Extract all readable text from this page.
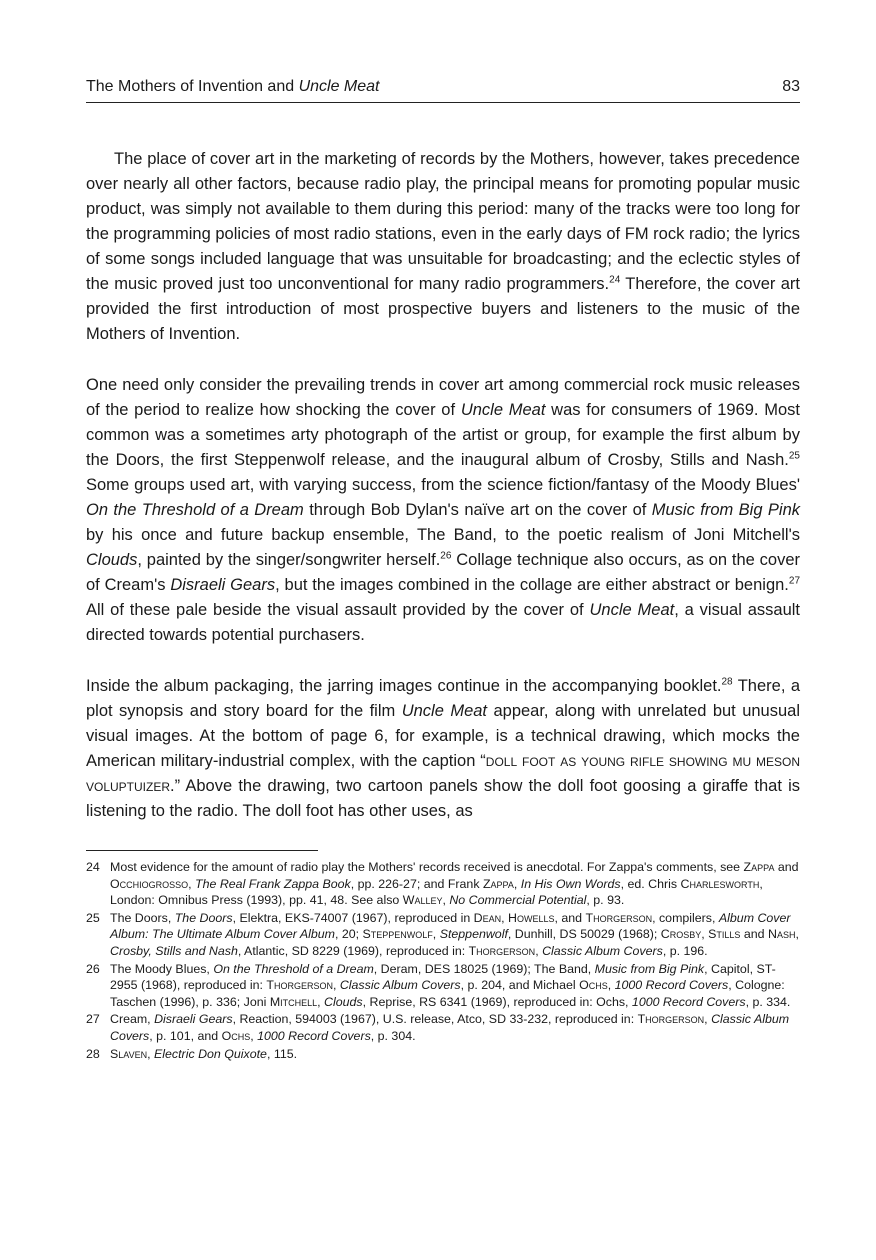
The Mothers of Invention and Uncle Meat	83

The place of cover art in the marketing of records by the Mothers, however, takes precedence over nearly all other factors, because radio play, the principal means for promoting popular music product, was simply not available to them during this period: many of the tracks were too long for the programming policies of most radio stations, even in the early days of FM rock radio; the lyrics of some songs included language that was unsuitable for broadcasting; and the eclectic styles of the music proved just too unconventional for many radio programmers.$^{24}$ Therefore, the cover art provided the first introduction of most prospective buyers and listeners to the music of the Mothers of Invention.

One need only consider the prevailing trends in cover art among commercial rock music releases of the period to realize how shocking the cover of Uncle Meat was for consumers of 1969. Most common was a sometimes arty photograph of the artist or group, for example the first album by the Doors, the first Steppenwolf release, and the inaugural album of Crosby, Stills and Nash.$^{25}$ Some groups used art, with varying success, from the science fiction/fantasy of the Moody Blues' On the Threshold of a Dream through Bob Dylan's naïve art on the cover of Music from Big Pink by his once and future backup ensemble, The Band, to the poetic realism of Joni Mitchell's Clouds, painted by the singer/songwriter herself.$^{26}$ Collage technique also occurs, as on the cover of Cream's Disraeli Gears, but the images combined in the collage are either abstract or benign.$^{27}$ All of these pale beside the visual assault provided by the cover of Uncle Meat, a visual assault directed towards potential purchasers.

Inside the album packaging, the jarring images continue in the accompanying booklet.$^{28}$ There, a plot synopsis and story board for the film Uncle Meat appear, along with unrelated but unusual visual images. At the bottom of page 6, for example, is a technical drawing, which mocks the American military-industrial complex, with the caption “doll foot as young rifle showing mu meson voluptuizer.” Above the drawing, two cartoon panels show the doll foot goosing a giraffe that is listening to the radio. The doll foot has other uses, as

24 Most evidence for the amount of radio play the Mothers' records received is anecdotal. For Zappa's comments, see Zappa and Occhiogrosso, The Real Frank Zappa Book, pp. 226-27; and Frank Zappa, In His Own Words, ed. Chris Charlesworth, London: Omnibus Press (1993), pp. 41, 48. See also Walley, No Commercial Potential, p. 93.
25 The Doors, The Doors, Elektra, EKS-74007 (1967), reproduced in Dean, Howells, and Thorgerson, compilers, Album Cover Album: The Ultimate Album Cover Album, 20; Steppenwolf, Steppenwolf, Dunhill, DS 50029 (1968); Crosby, Stills and Nash, Crosby, Stills and Nash, Atlantic, SD 8229 (1969), reproduced in: Thorgerson, Classic Album Covers, p. 196.
26 The Moody Blues, On the Threshold of a Dream, Deram, DES 18025 (1969); The Band, Music from Big Pink, Capitol, ST-2955 (1968), reproduced in: Thorgerson, Classic Album Covers, p. 204, and Michael Ochs, 1000 Record Covers, Cologne: Taschen (1996), p. 336; Joni Mitchell, Clouds, Reprise, RS 6341 (1969), reproduced in: Ochs, 1000 Record Covers, p. 334.
27 Cream, Disraeli Gears, Reaction, 594003 (1967), U.S. release, Atco, SD 33-232, reproduced in: Thorgerson, Classic Album Covers, p. 101, and Ochs, 1000 Record Covers, p. 304.
28 Slaven, Electric Don Quixote, 115.
